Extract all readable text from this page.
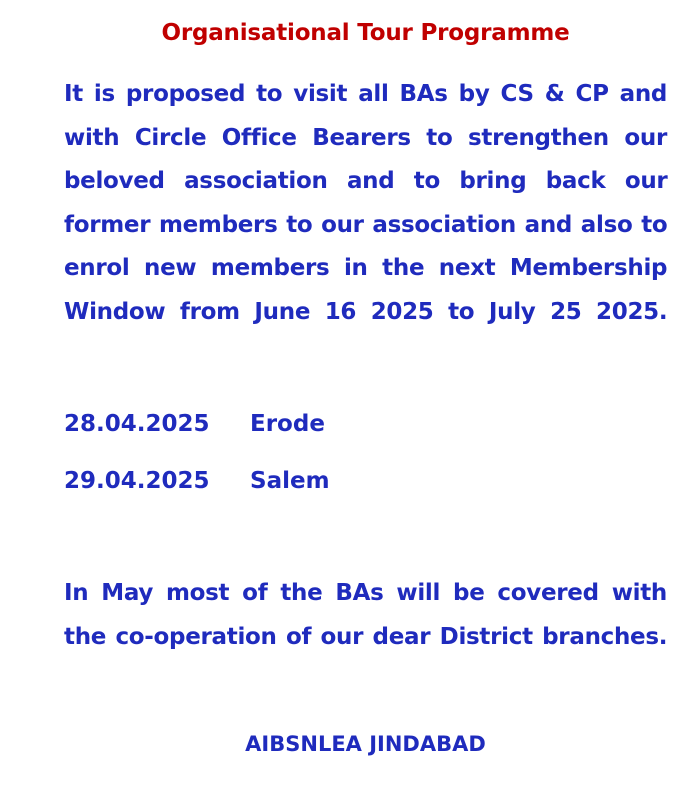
Organisational Tour Programme
It is proposed to visit all BAs by CS & CP and
with Circle Office Bearers to strengthen our
beloved association and to bring back our
former members to our association and also to
enrol new members in the next Membership
Window from June 16 2025 to July 25 2025.
28.04.2025 Erode
29.04.2025 Salem
In May most of the BAs will be covered with
the co-operation of our dear District branches.
AIBSNLEA JINDABAD
